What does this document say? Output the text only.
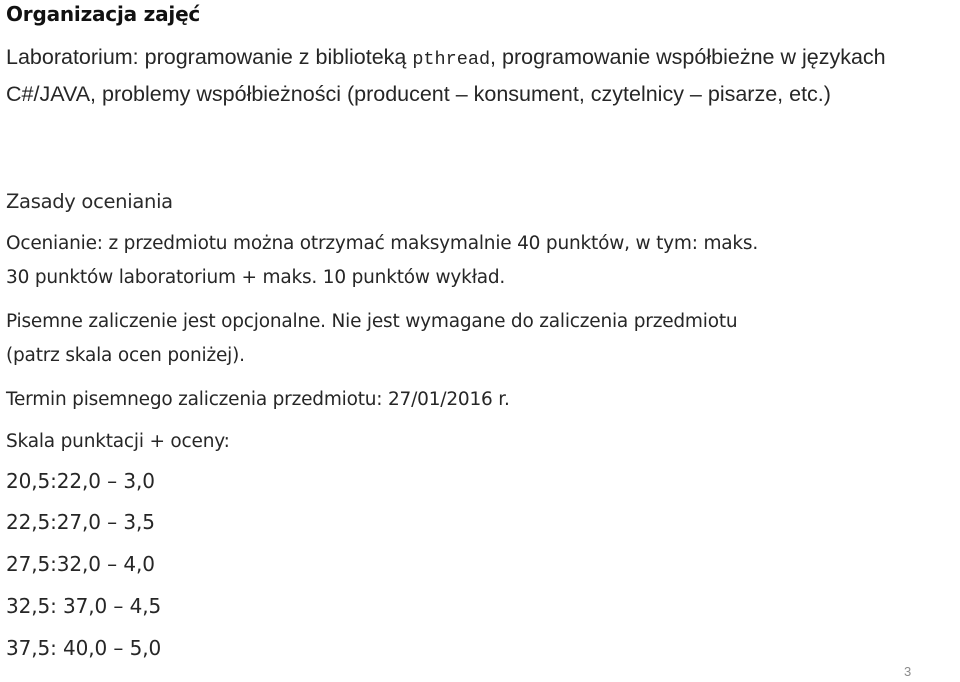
Organizacja zajęć
Laboratorium: programowanie z biblioteką pthread, programowanie współbieżne w językach C#/JAVA, problemy współbieżności (producent – konsument, czytelnicy – pisarze, etc.)
Zasady oceniania
Ocenianie: z przedmiotu można otrzymać maksymalnie 40 punktów, w tym: maks.
30 punktów laboratorium + maks. 10 punktów wykład.
Pisemne zaliczenie jest opcjonalne. Nie jest wymagane do zaliczenia przedmiotu
(patrz skala ocen poniżej).
Termin pisemnego zaliczenia przedmiotu: 27/01/2016 r.
Skala punktacji + oceny:
20,5:22,0 – 3,0
22,5:27,0 – 3,5
27,5:32,0 – 4,0
32,5: 37,0 – 4,5
37,5: 40,0 – 5,0
3
